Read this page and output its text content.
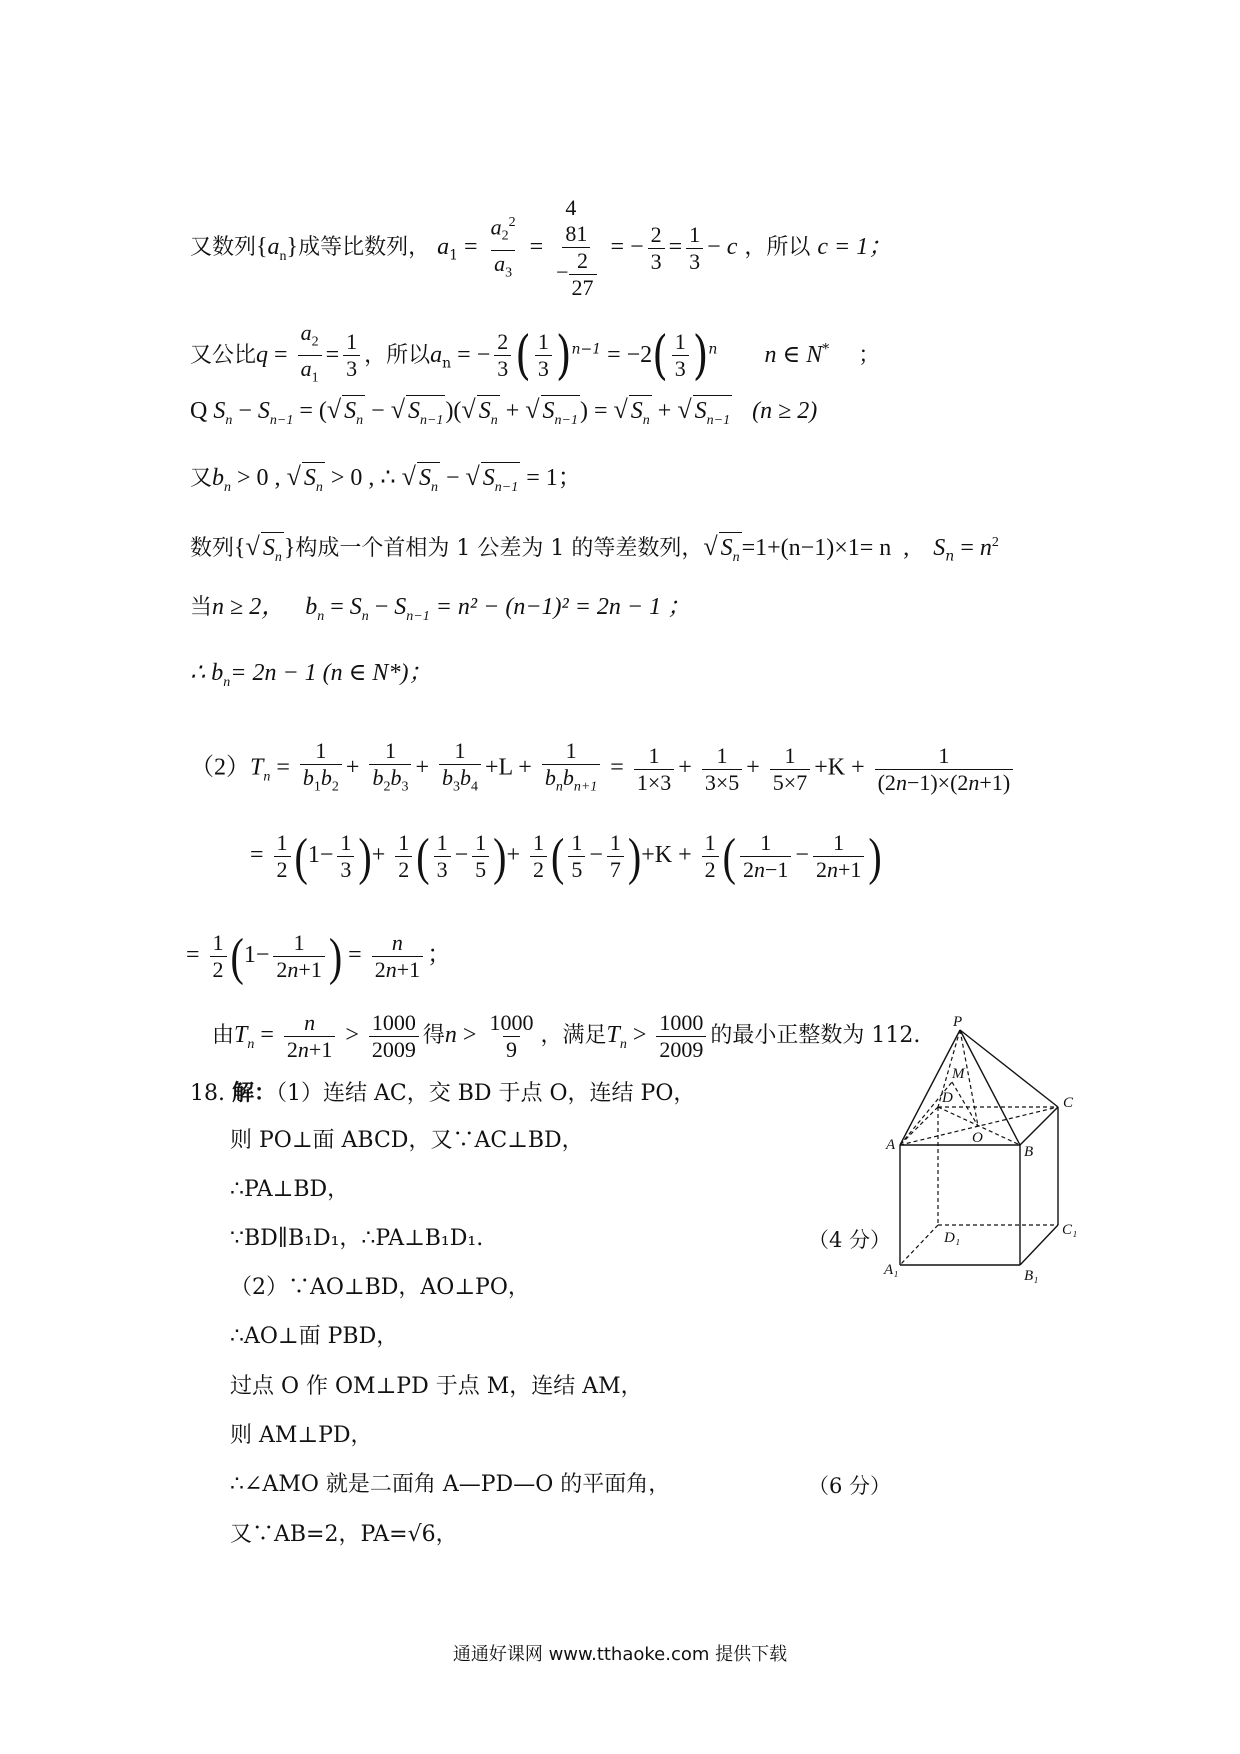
又数列$\{a_n\}$成等比数列， $a_1 = \frac{a_2^2}{a_3}$ =
4
81
− $\frac{2}{27}$
= − $\frac{2}{3} = \frac{1}{3} - c$ ，所以 c = 1；
又公比$q = \frac{a_2}{a_1} = \frac{1}{3}$ ，所以$a_n$ = − $\frac{2}{3}$ ( $\frac{1}{3} )^{n-1} = -2( \frac{1}{3} )^n$ n ∈ N* ；
Q $S_n - S_{n-1}$ = (√ $S_n$ − √ $S_{n-1})(√$ $S_n$ + √ $S_{n-1}$) = √ $S_n$ + √ $S_{n-1}$ (n ≥ 2)
又$b_n > 0$ , √ $S_n > 0$ , ∴ √ $S_n$ − √ $S_{n-1} = 1$；
数列{√ $S_n$}构成一个首相为 1 公差为 1 的等差数列，√ $S_n=1+(n-1)\times 1= n$  ,    $S_n = n^2$
当n ≥ 2， $b_n = S_n - S_{n-1} = n^2 - (n-1)^2 = 2n - 1$ ；
∴ $b_n= 2n - 1$ (n ∈ N*)；
$(2)T_n = \frac{1}{b_1b_2} + \frac{1}{b_2b_3} + \frac{1}{b_3b_4} +L + \frac{1}{b_nb_{n+1}} = \frac{1}{1\times 3} + \frac{1}{3\times 5} + \frac{1}{5\times 7} +K + \frac{1}{(2n-1)\times(2n+1)}$
= $\frac{1}{2} (1- \frac{1}{3}$ )+ $\frac{1}{2}$ ( $\frac{1}{3} - \frac{1}{5}$ )+ $\frac{1}{2}$ ( $\frac{1}{5} - \frac{1}{7} )+K + \frac{1}{2}$ ( $\frac{1}{2n-1} - \frac{1}{2n+1}$ )
= $\frac{1}{2} (1- \frac{1}{2n+1}$ ) = $\frac{n}{2n+1}$ ；
由$T_n = \frac{n}{2n+1} > \frac{1000}{2009}$ 得$n > \frac{1000}{9}$ ，满足$T_n > \frac{1000}{2009}$ 的最小正整数为 112.
18. 解：（1）连结 AC，交 BD 于点 O，连结 PO，
则 PO⊥面 ABCD，又∵AC⊥BD，
∴PA⊥BD，
∵BD∥B₁D₁，∴PA⊥B₁D₁.	（4 分）
（2）∵AO⊥BD，AO⊥PO，
∴AO⊥面 PBD，
过点 O 作 OM⊥PD 于点 M，连结 AM，
则 AM⊥PD，
∴∠AMO 就是二面角 A—PD—O 的平面角，	（6 分）
又∵AB=2，PA=√6，
P
M
D	C
A	O
B
D₁	C₁
A₁	B₁
通通好课网 www.tthaoke.com 提供下载
